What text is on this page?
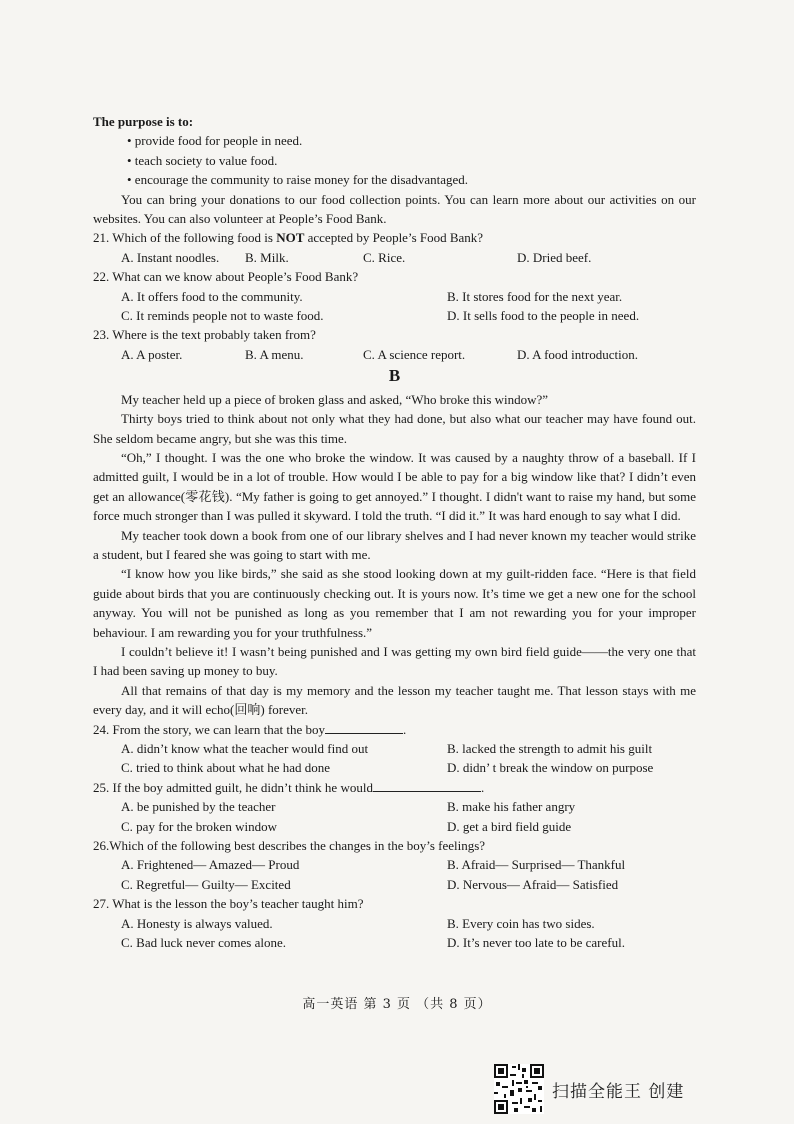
The purpose is to:

• provide food for people in need.

• teach society to value food.

• encourage the community to raise money for the disadvantaged.

You can bring your donations to our food collection points. You can learn more about our activities on our websites. You can also volunteer at People’s Food Bank.

21. Which of the following food is NOT accepted by People’s Food Bank?

A. Instant noodles.	B. Milk.	C. Rice.	D. Dried beef.

22. What can we know about People’s Food Bank?

A. It offers food to the community.	B. It stores food for the next year.
C. It reminds people not to waste food.	D. It sells food to the people in need.

23. Where is the text probably taken from?

A. A poster.	B. A menu.	C. A science report.	D. A food introduction.
B

My teacher held up a piece of broken glass and asked, “Who broke this window?”

Thirty boys tried to think about not only what they had done, but also what our teacher may have found out. She seldom became angry, but she was this time.

“Oh,” I thought. I was the one who broke the window. It was caused by a naughty throw of a baseball. If I admitted guilt, I would be in a lot of trouble. How would I be able to pay for a big window like that? I didn’t even get an allowance(零花钱). “My father is going to get annoyed.” I thought. I didn't want to raise my hand, but some force much stronger than I was pulled it skyward. I told the truth. “I did it.” It was hard enough to say what I did.

My teacher took down a book from one of our library shelves and I had never known my teacher would strike a student, but I feared she was going to start with me.

“I know how you like birds,” she said as she stood looking down at my guilt-ridden face. “Here is that field guide about birds that you are continuously checking out. It is yours now. It’s time we get a new one for the school anyway. You will not be punished as long as you remember that I am not rewarding you for your improper behaviour. I am rewarding you for your truthfulness.”

I couldn’t believe it! I wasn’t being punished and I was getting my own bird field guide——the very one that I had been saving up money to buy.

All that remains of that day is my memory and the lesson my teacher taught me. That lesson stays with me every day, and it will echo(回响) forever.

24. From the story, we can learn that the boy	.

A. didn’t know what the teacher would find out	B. lacked the strength to admit his guilt
C. tried to think about what he had done	D. didn’ t break the window on purpose

25. If the boy admitted guilt, he didn’t think he would	.

A. be punished by the teacher	B. make his father angry
C. pay for the broken window	D. get a bird field guide

26.Which of the following best describes the changes in the boy’s feelings?

A. Frightened— Amazed— Proud	B. Afraid— Surprised— Thankful
C. Regretful— Guilty— Excited	D. Nervous— Afraid— Satisfied

27. What is the lesson the boy’s teacher taught him?

A. Honesty is always valued.	B. Every coin has two sides.
C. Bad luck never comes alone.	D. It’s never too late to be careful.
高一英语 第 3 页 （共 8 页）
扫描全能王 创建
